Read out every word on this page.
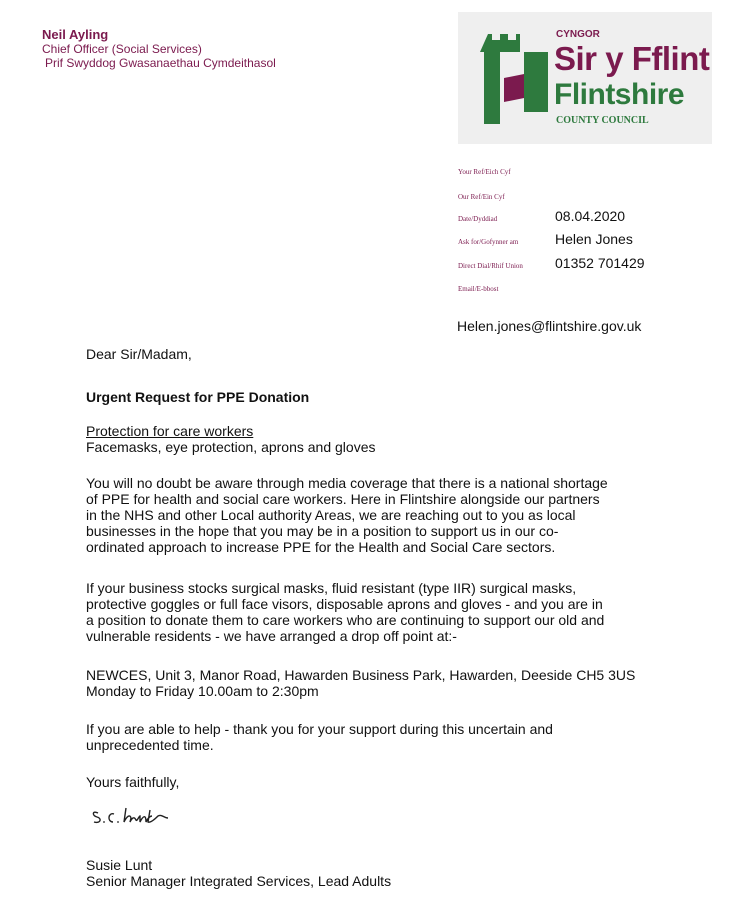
Neil Ayling
Chief Officer (Social Services)
Prif Swyddog Gwasanaethau Cymdeithasol
CYNGOR
Sir y Fflint
Flintshire
COUNTY COUNCIL
Your Ref/Eich Cyf
Our Ref/Ein Cyf
Date/Dyddiad	08.04.2020
Ask for/Gofynner am	Helen Jones
Direct Dial/Rhif Union 01352 701429
Email/E-bbost
Helen.jones@flintshire.gov.uk
Dear Sir/Madam,
Urgent Request for PPE Donation
Protection for care workers
Facemasks, eye protection, aprons and gloves
You will no doubt be aware through media coverage that there is a national shortage
of PPE for health and social care workers. Here in Flintshire alongside our partners
in the NHS and other Local authority Areas, we are reaching out to you as local
businesses in the hope that you may be in a position to support us in our co-
ordinated approach to increase PPE for the Health and Social Care sectors.
If your business stocks surgical masks, fluid resistant (type IIR) surgical masks,
protective goggles or full face visors, disposable aprons and gloves - and you are in
a position to donate them to care workers who are continuing to support our old and
vulnerable residents - we have arranged a drop off point at:-
NEWCES, Unit 3, Manor Road, Hawarden Business Park, Hawarden, Deeside CH5 3US
Monday to Friday 10.00am to 2:30pm
If you are able to help - thank you for your support during this uncertain and
unprecedented time.
Yours faithfully,
Susie Lunt
Senior Manager Integrated Services, Lead Adults
